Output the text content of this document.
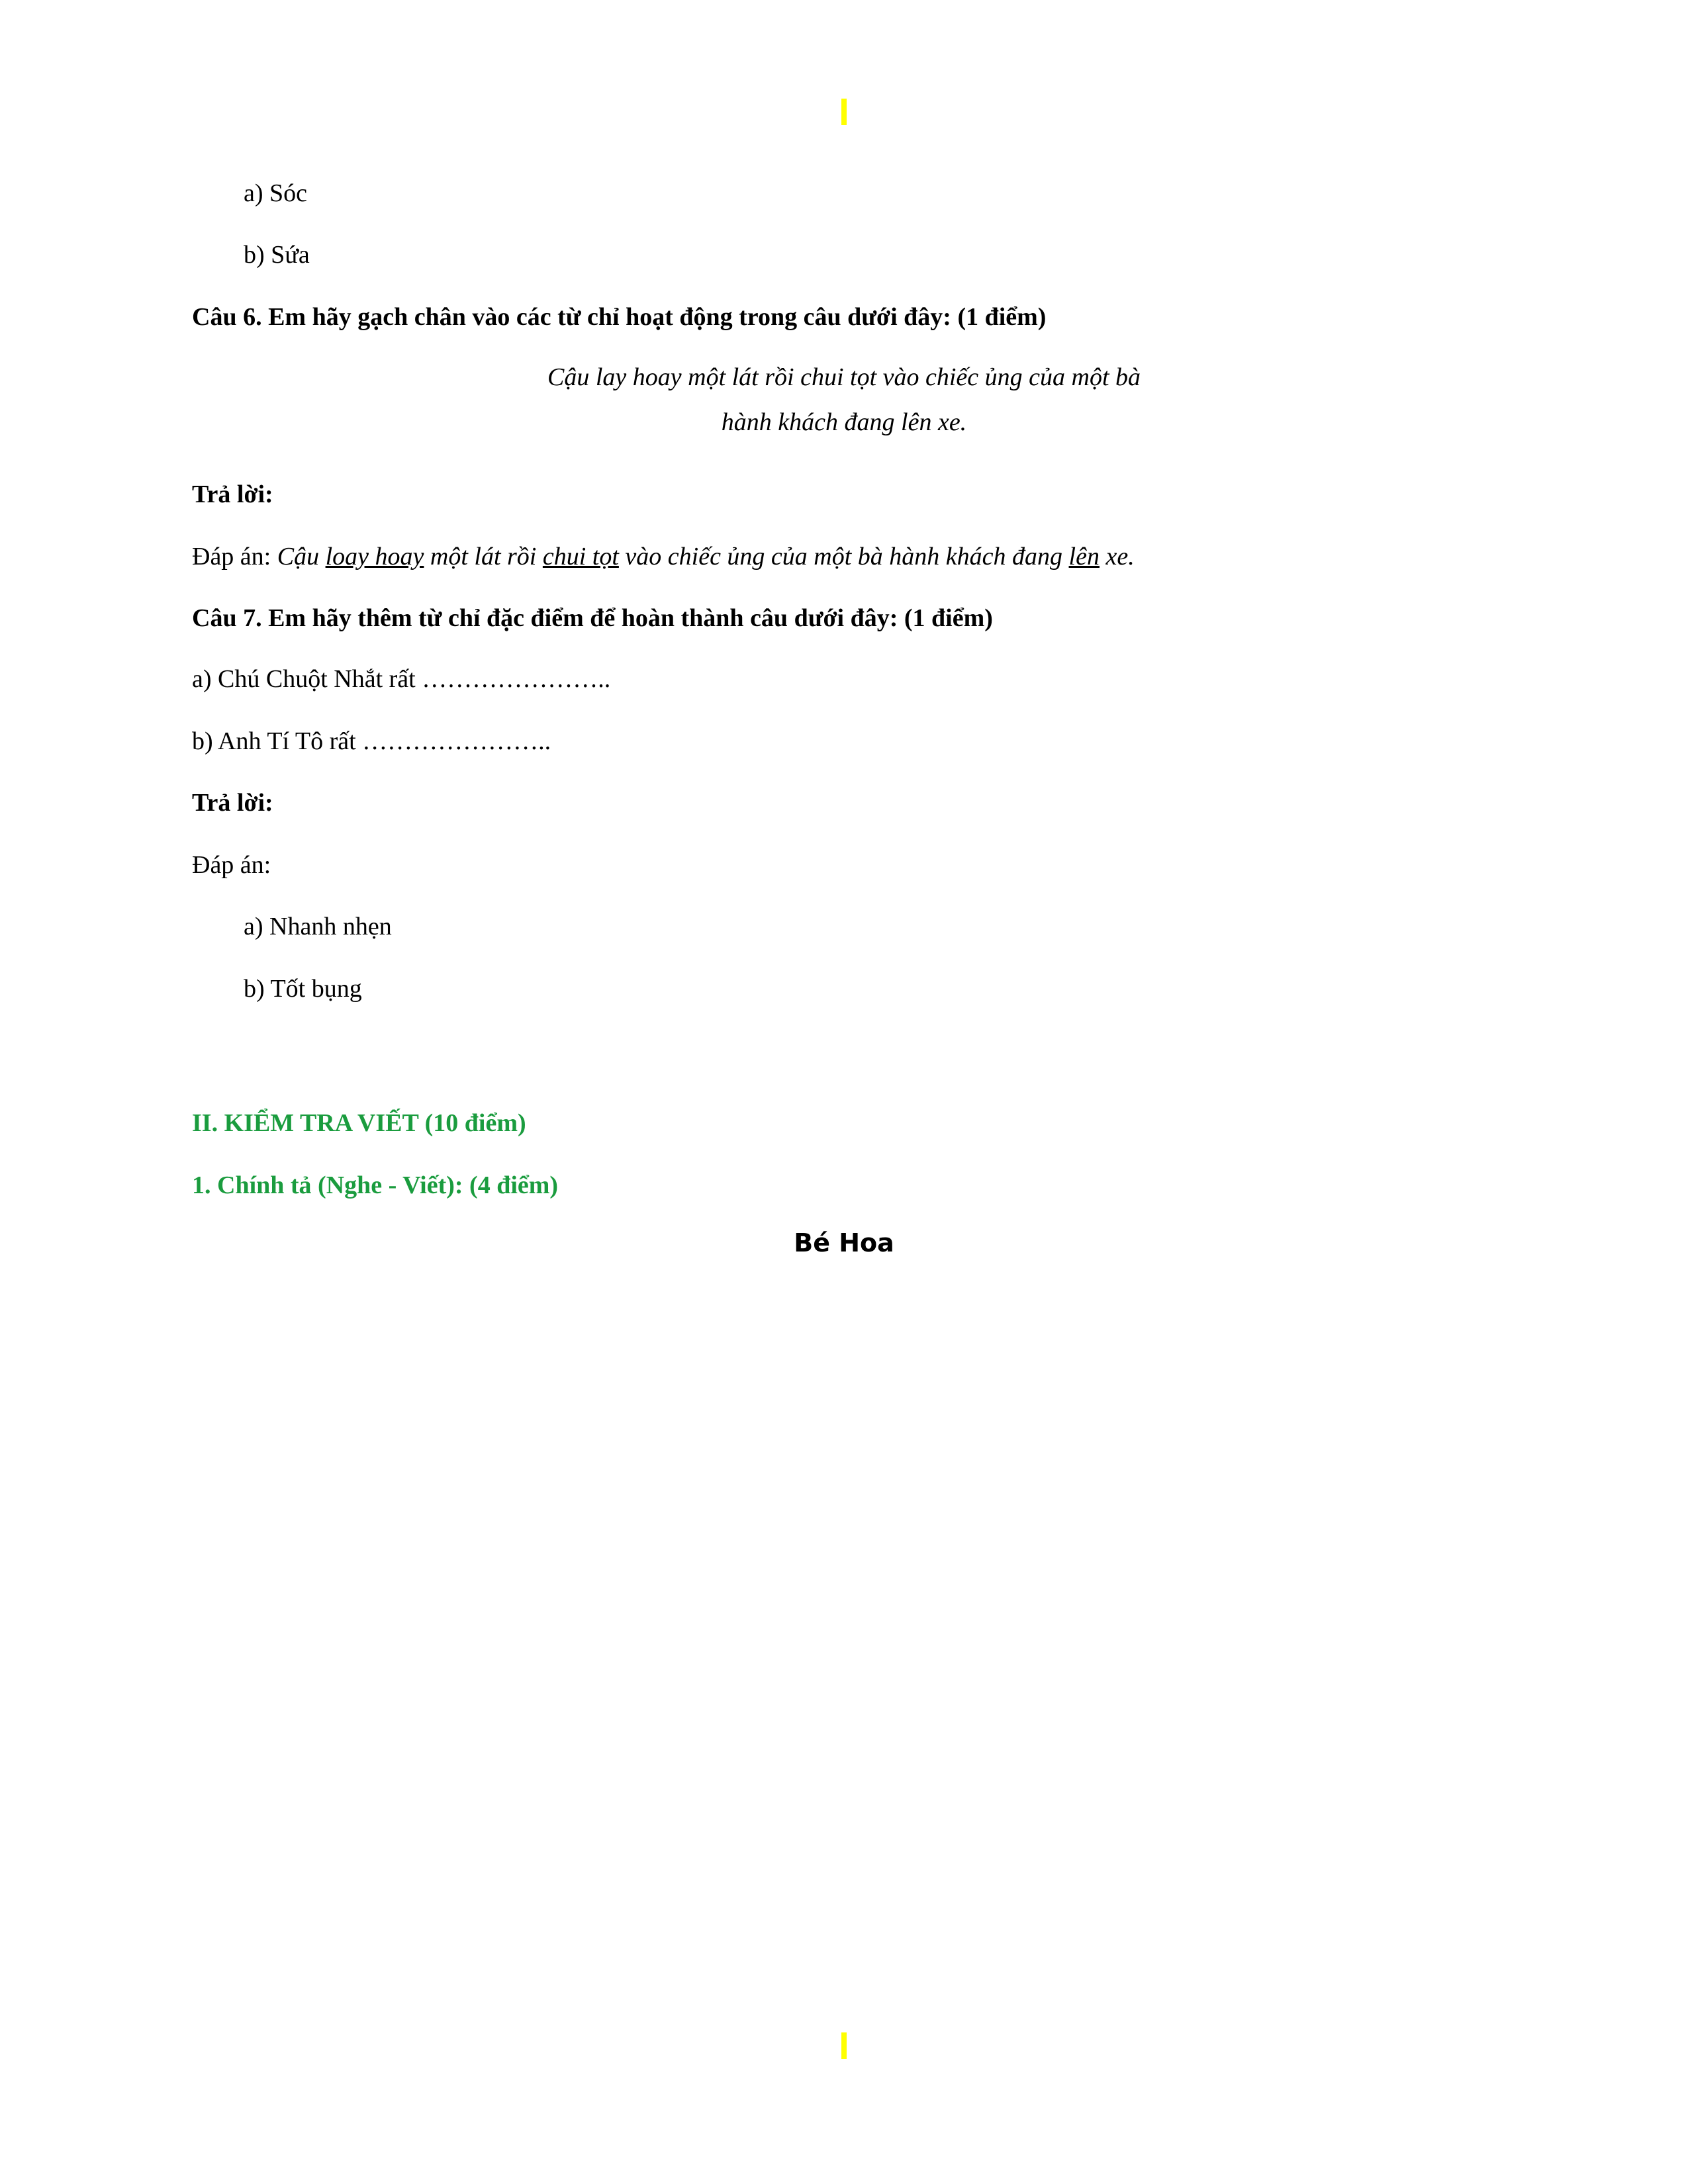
a) Sóc

b) Sứa

Câu 6. Em hãy gạch chân vào các từ chỉ hoạt động trong câu dưới đây: (1 điểm)

Cậu lay hoay một lát rồi chui tọt vào chiếc ủng của một bà

hành khách đang lên xe.

Trả lời:

Đáp án: Cậu loay hoay một lát rồi chui tọt vào chiếc ủng của một bà hành khách đang lên xe.

Câu 7. Em hãy thêm từ chỉ đặc điểm để hoàn thành câu dưới đây: (1 điểm)

a) Chú Chuột Nhắt rất …………………..

b) Anh Tí Tô rất …………………..

Trả lời:

Đáp án:

a) Nhanh nhẹn

b) Tốt bụng

II. KIỂM TRA VIẾT (10 điểm)

1. Chính tả (Nghe - Viết): (4 điểm)

Bé Hoa
